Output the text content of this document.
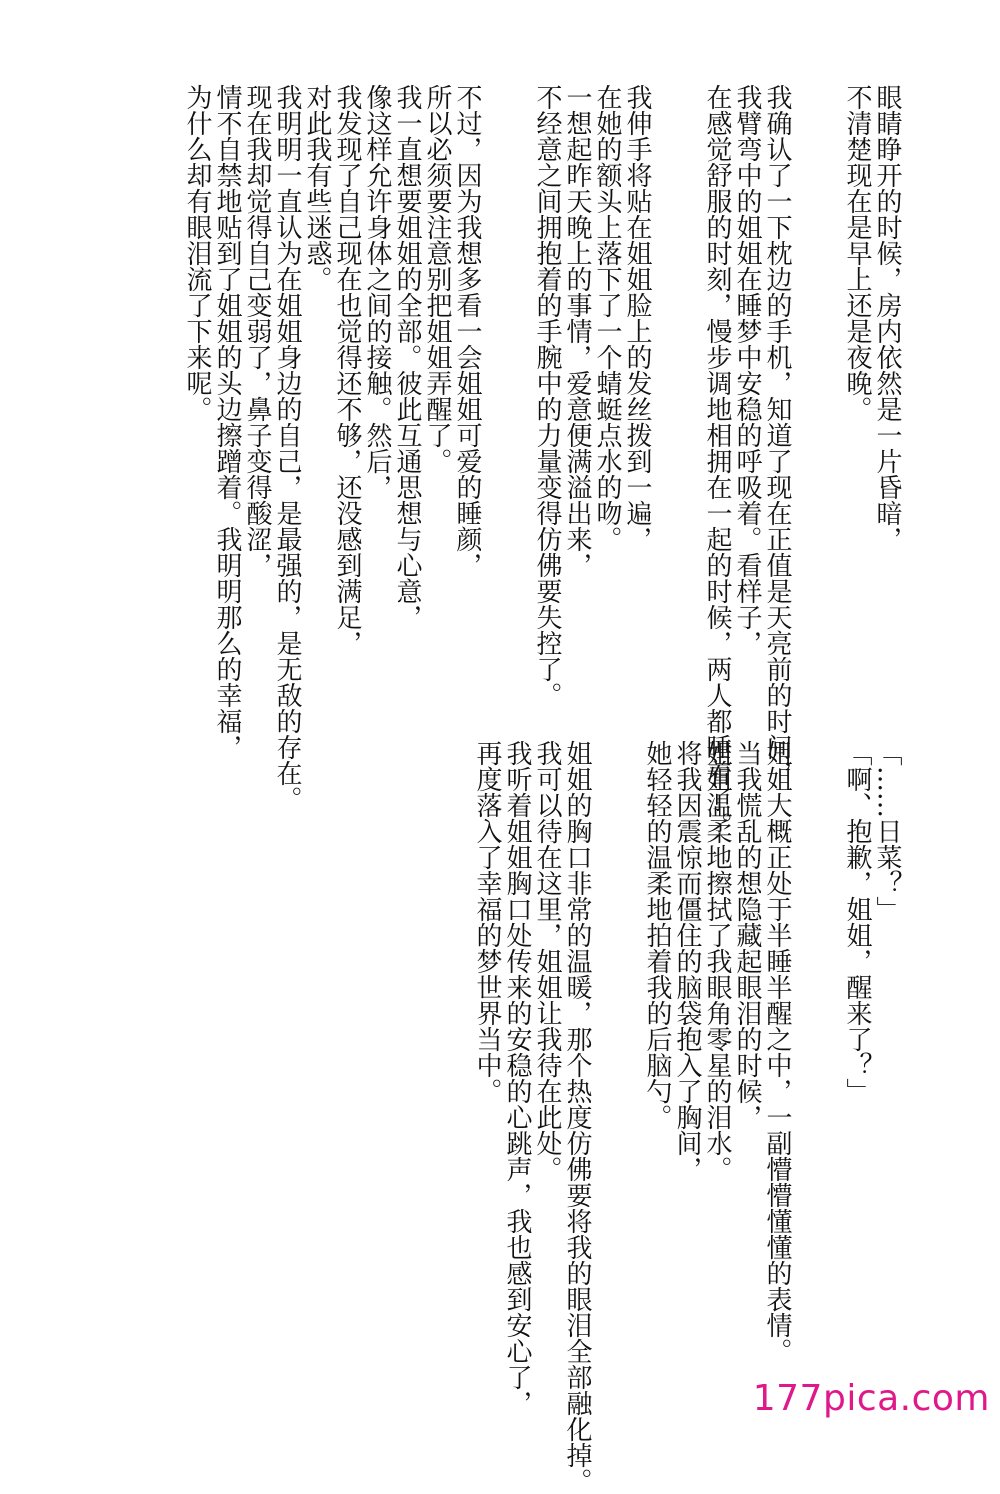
眼睛睁开的时候，房内依然是一片昏暗，

不清楚现在是早上还是夜晚。

我确认了一下枕边的手机，知道了现在正值是天亮前的时间，

我臂弯中的姐姐在睡梦中安稳的呼吸着。看样子，

在感觉舒服的时刻，慢步调地相拥在一起的时候，两人都睡着了。

我伸手将贴在姐姐脸上的发丝拨到一遍，

在她的额头上落下了一个蜻蜓点水的吻。

一想起昨天晚上的事情，爱意便满溢出来，

不经意之间拥抱着的手腕中的力量变得仿佛要失控了。

不过，因为我想多看一会姐姐可爱的睡颜，

所以必须要注意别把姐姐弄醒了。

我一直想要姐姐的全部。彼此互通思想与心意，

像这样允许身体之间的接触。然后，

我发现了自己现在也觉得还不够，还没感到满足，

对此我有些迷惑。

我明明一直认为在姐姐身边的自己，是最强的，是无敌的存在。

现在我却觉得自己变弱了，鼻子变得酸涩，

情不自禁地贴到了姐姐的头边擦蹭着。我明明那么的幸福，

为什么却有眼泪流了下来呢。

「……日菜？」

「啊、抱歉，姐姐，醒来了？」

姐姐大概正处于半睡半醒之中，一副懵懵懂懂的表情。

当我慌乱的想隐藏起眼泪的时候，

姐姐温柔地擦拭了我眼角零星的泪水。

将我因震惊而僵住的脑袋抱入了胸间，

她轻轻的温柔地拍着我的后脑勺。

姐姐的胸口非常的温暖，那个热度仿佛要将我的眼泪全部融化掉。

我可以待在这里，姐姐让我待在此处。

我听着姐姐胸口处传来的安稳的心跳声，我也感到安心了，

再度落入了幸福的梦世界当中。

177pica.com
